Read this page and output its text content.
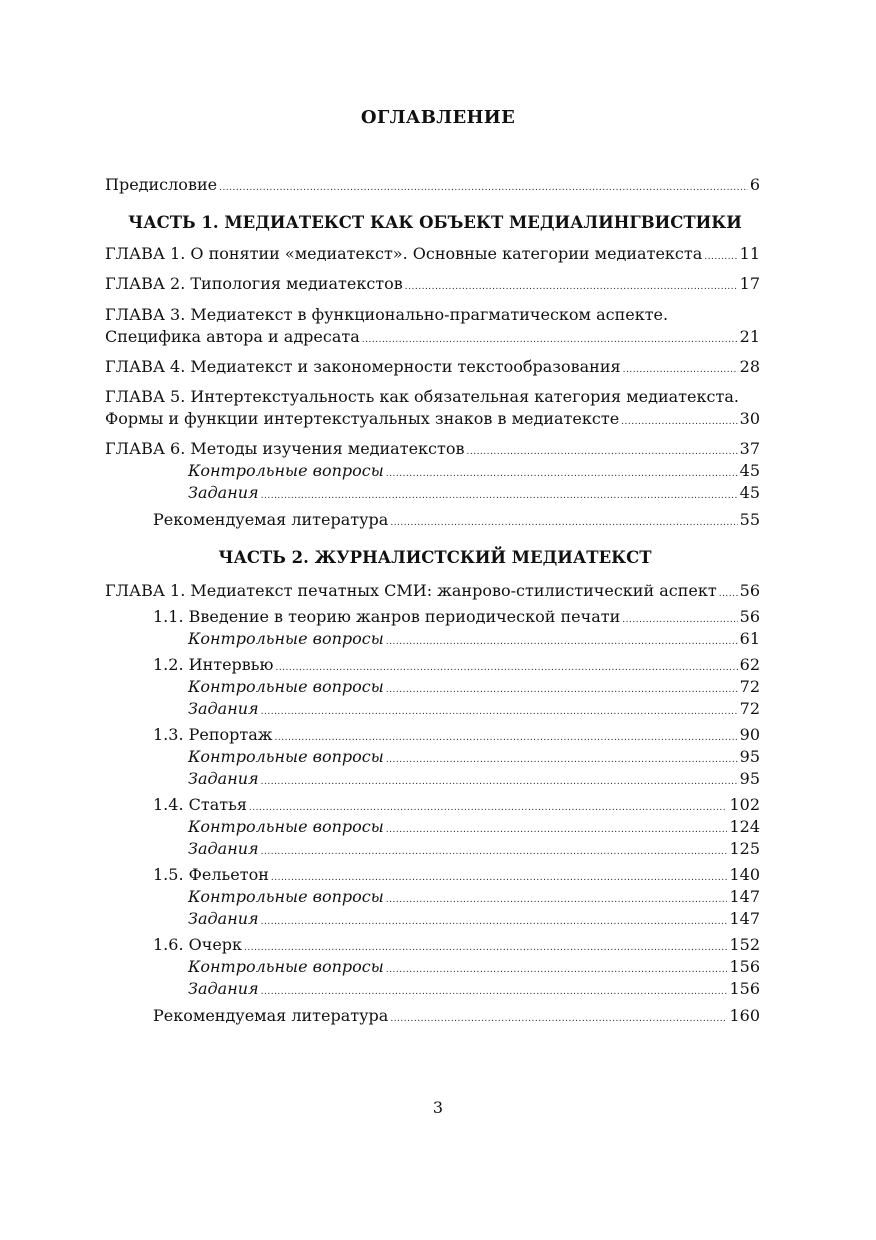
ОГЛАВЛЕНИЕ
Предисловие .....	6
ЧАСТЬ 1. МЕДИАТЕКСТ КАК ОБЪЕКТ МЕДИАЛИНГВИСТИКИ
ГЛАВА 1. О понятии «медиатекст». Основные категории медиатекста ..... 11
ГЛАВА 2. Типология медиатекстов .....	17
ГЛАВА 3. Медиатекст в функционально-прагматическом аспекте.
Специфика автора и адресата .....	21
ГЛАВА 4. Медиатекст и закономерности текстообразования .....	28
ГЛАВА 5. Интертекстуальность как обязательная категория медиатекста.
Формы и функции интертекстуальных знаков в медиатексте .....	30
ГЛАВА 6. Методы изучения медиатекстов .....	37
Контрольные вопросы .....	45
Задания .....	45
Рекомендуемая литература .....	55
ЧАСТЬ 2. ЖУРНАЛИСТСКИЙ МЕДИАТЕКСТ
ГЛАВА 1. Медиатекст печатных СМИ: жанрово-стилистический аспект ..... 56
1.1. Введение в теорию жанров периодической печати .....	56
Контрольные вопросы .....	61
1.2. Интервью .....	62
Контрольные вопросы .....	72
Задания .....	72
1.3. Репортаж .....	90
Контрольные вопросы .....	95
Задания .....	95
1.4. Статья .....	102
Контрольные вопросы .....	124
Задания .....	125
1.5. Фельетон .....	140
Контрольные вопросы .....	147
Задания .....	147
1.6. Очерк .....	152
Контрольные вопросы .....	156
Задания .....	156
Рекомендуемая литература .....	160
3
